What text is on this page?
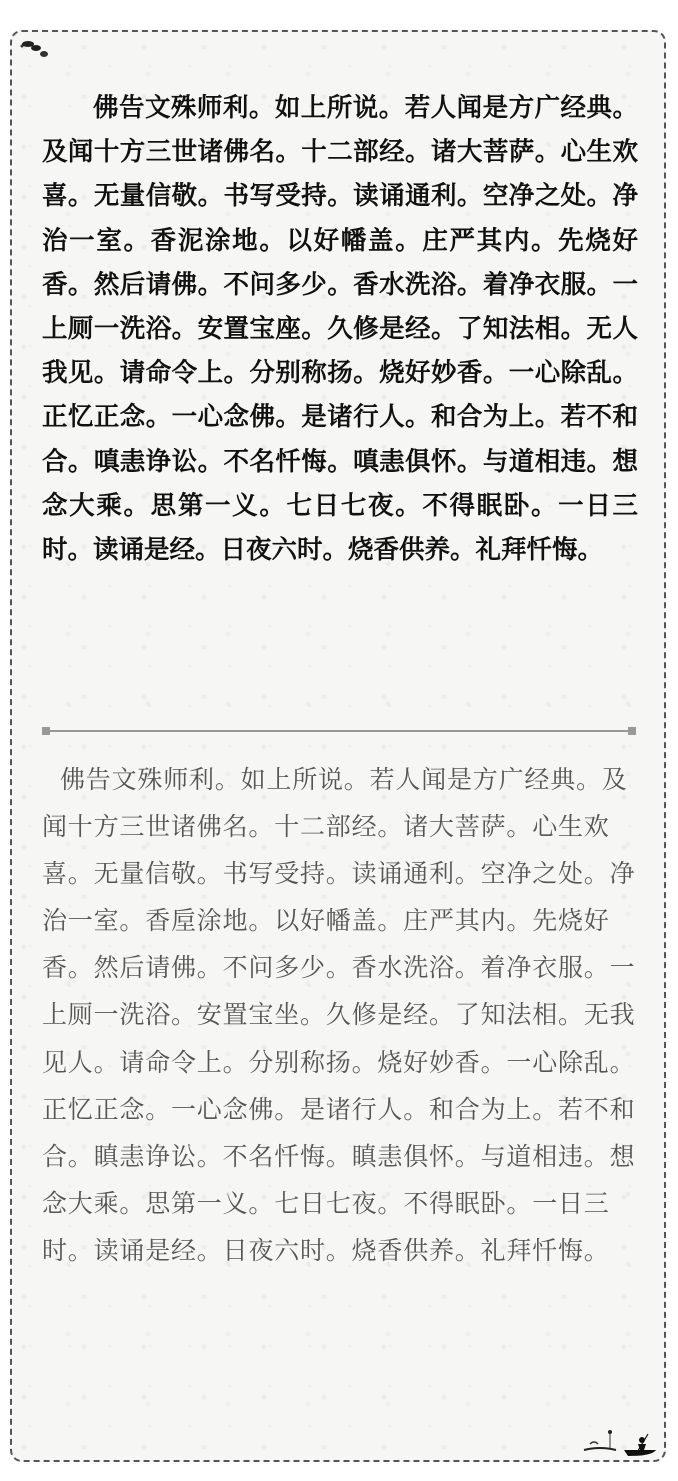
佛告文殊师利。如上所说。若人闻是方广经典。及闻十方三世诸佛名。十二部经。诸大菩萨。心生欢喜。无量信敬。书写受持。读诵通利。空净之处。净治一室。香泥涂地。以好幡盖。庄严其内。先烧好香。然后请佛。不问多少。香水洗浴。着净衣服。一上厕一洗浴。安置宝座。久修是经。了知法相。无人我见。请命令上。分别称扬。烧好妙香。一心除乱。正忆正念。一心念佛。是诸行人。和合为上。若不和合。嗔恚诤讼。不名忏悔。嗔恚俱怀。与道相违。想念大乘。思第一义。七日七夜。不得眠卧。一日三时。读诵是经。日夜六时。烧香供养。礼拜忏悔。

佛告文殊师利。如上所说。若人闻是方广经典。及闻十方三世诸佛名。十二部经。诸大菩萨。心生欢喜。无量信敬。书写受持。读诵通利。空净之处。净治一室。香垕涂地。以好幡盖。庄严其内。先烧好香。然后请佛。不问多少。香水洗浴。着净衣服。一上厕一洗浴。安置宝坐。久修是经。了知法相。无我见人。请命令上。分别称扬。烧好妙香。一心除乱。正忆正念。一心念佛。是诸行人。和合为上。若不和合。瞋恚诤讼。不名忏悔。瞋恚俱怀。与道相违。想念大乘。思第一义。七日七夜。不得眠卧。一日三时。读诵是经。日夜六时。烧香供养。礼拜忏悔。
